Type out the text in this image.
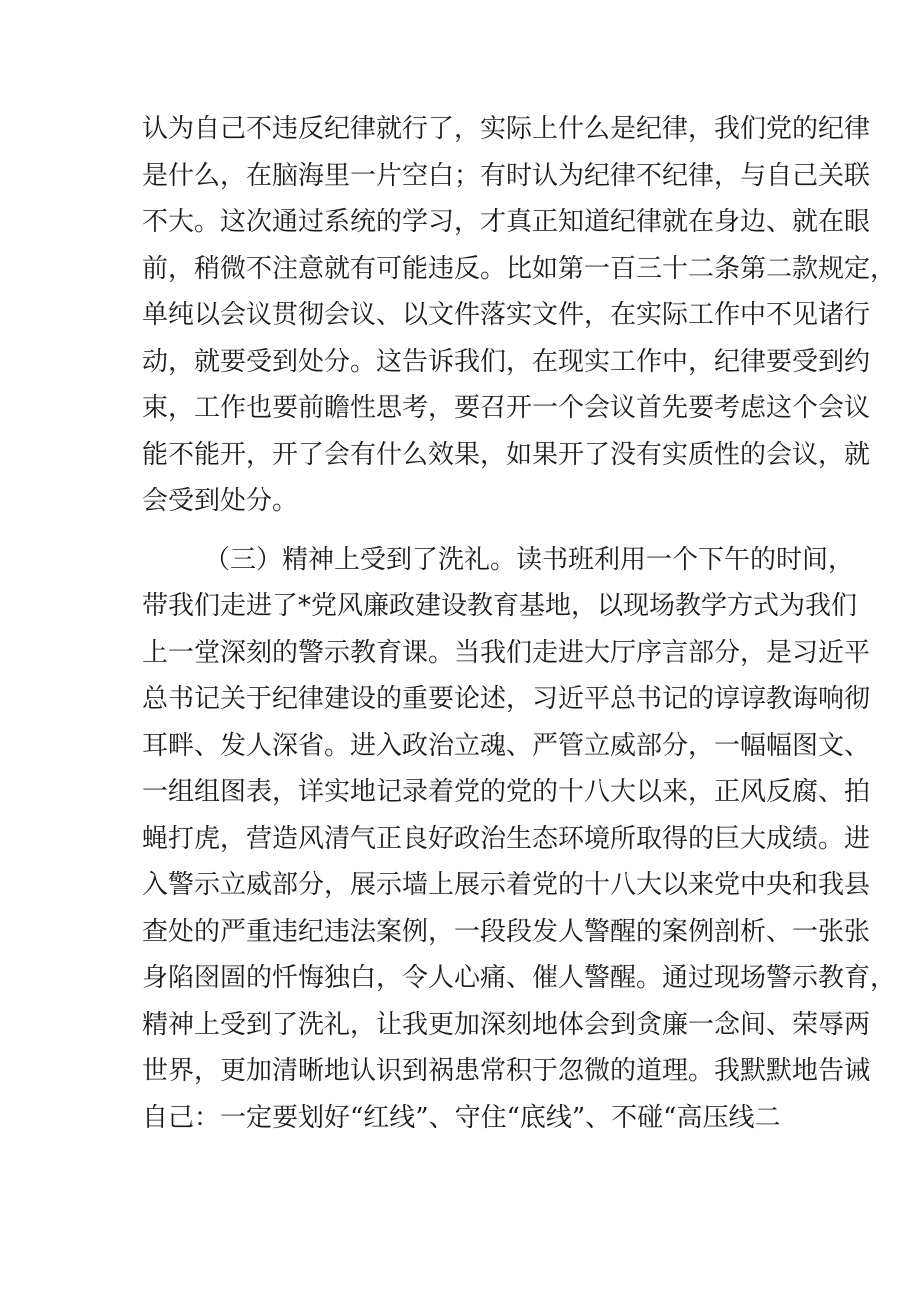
认为自己不违反纪律就行了，实际上什么是纪律，我们党的纪律
是什么，在脑海里一片空白；有时认为纪律不纪律，与自己关联
不大。这次通过系统的学习，才真正知道纪律就在身边、就在眼
前，稍微不注意就有可能违反。比如第一百三十二条第二款规定，
单纯以会议贯彻会议、以文件落实文件，在实际工作中不见诸行
动，就要受到处分。这告诉我们，在现实工作中，纪律要受到约
束，工作也要前瞻性思考，要召开一个会议首先要考虑这个会议
能不能开，开了会有什么效果，如果开了没有实质性的会议，就
会受到处分。
（三）精神上受到了洗礼。读书班利用一个下午的时间，
带我们走进了*党风廉政建设教育基地，以现场教学方式为我们
上一堂深刻的警示教育课。当我们走进大厅序言部分，是习近平
总书记关于纪律建设的重要论述，习近平总书记的谆谆教诲响彻
耳畔、发人深省。进入政治立魂、严管立威部分，一幅幅图文、
一组组图表，详实地记录着党的党的十八大以来，正风反腐、拍
蝇打虎，营造风清气正良好政治生态环境所取得的巨大成绩。进
入警示立威部分，展示墙上展示着党的十八大以来党中央和我县
查处的严重违纪违法案例，一段段发人警醒的案例剖析、一张张
身陷囹圄的忏悔独白，令人心痛、催人警醒。通过现场警示教育，
精神上受到了洗礼，让我更加深刻地体会到贪廉一念间、荣辱两
世界，更加清晰地认识到祸患常积于忽微的道理。我默默地告诫
自己：一定要划好“红线”、守住“底线”、不碰“高压线二
